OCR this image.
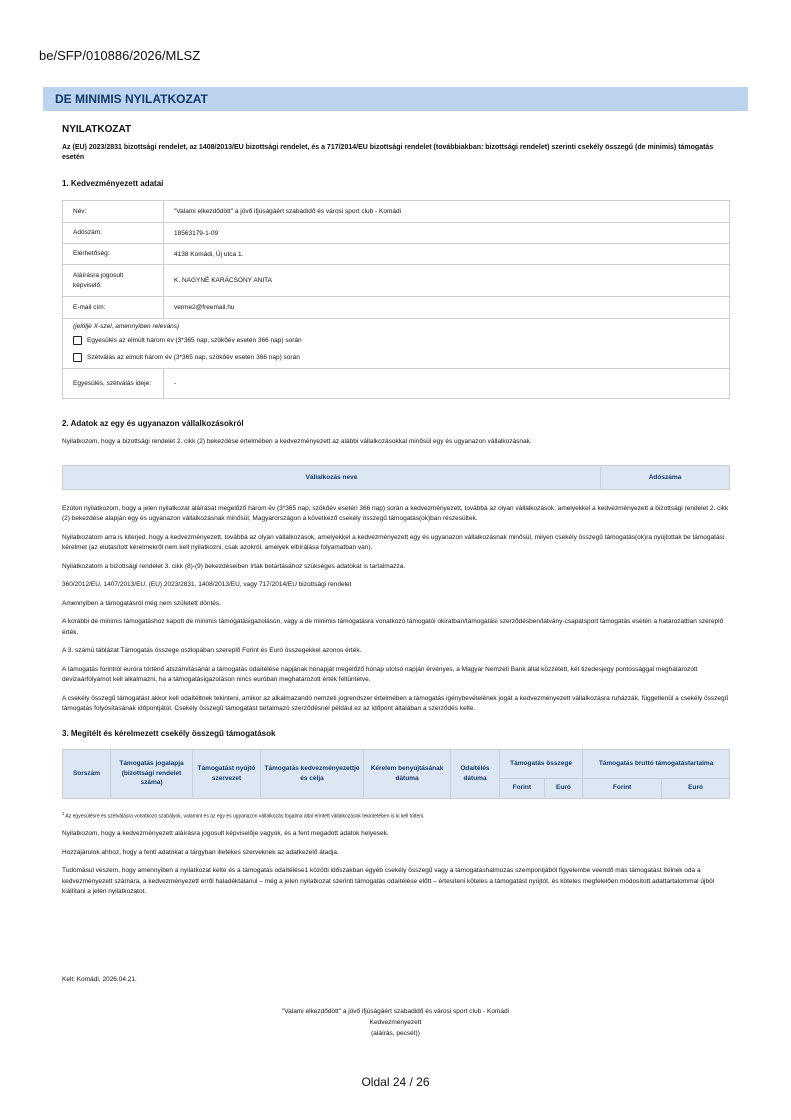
be/SFP/010886/2026/MLSZ
DE MINIMIS NYILATKOZAT
NYILATKOZAT
Az (EU) 2023/2831 bizottsági rendelet, az 1408/2013/EU bizottsági rendelet, és a 717/2014/EU bizottsági rendelet (továbbiakban: bizottsági rendelet) szerinti csekély összegű (de minimis) támogatás esetén
1. Kedvezményezett adatai
Név:	"Valami elkezdődött" a jövő ifjúságáért szabadidő és városi sport club - Komádi
Adószám:	18563179-1-09
Elérhetőség:	4138 Komádi, Új utca 1.
Aláírásra jogosult képviselő:	K. NAGYNÉ KARÁCSONY ANITA
E-mail cím:	verme2@freemail.hu

(jelölje X-szel, amennyiben releváns)
Egyesülés az elmúlt három év (3*365 nap, szökőév esetén 366 nap) során
Szétválás az elmúlt három év (3*365 nap, szökőév esetén 366 nap) során	

Egyesülés, szétválás ideje:	-
2. Adatok az egy és ugyanazon vállalkozásokról
Nyilatkozom, hogy a bizottsági rendelet 2. cikk (2) bekezdése értelmében a kedvezményezett az alábbi vállalkozásokkal minősül egy és ugyanazon vállalkozásnak.
Vállalkozás neve	Adószáma
Ezúton nyilatkozom, hogy a jelen nyilatkozat aláírását megelőző három év (3*365 nap, szökőév esetén 366 nap) során a kedvezményezett, továbbá az olyan vállalkozások, amelyekkel a kedvezményezett a bizottsági rendelet 2. cikk (2) bekezdése alapján egy és ugyanazon vállalkozásnak minősül, Magyarországon a következő csekély összegű támogatás(ok)ban részesültek.
Nyilatkozatom arra is kiterjed, hogy a kedvezményezett, továbbá az olyan vállalkozások, amelyekkel a kedvezményezett egy és ugyanazon vállalkozásnak minősül, milyen csekély összegű támogatás(ok)ra nyújtottak be támogatási kérelmet (az elutasított kérelmekről nem kell nyilatkozni, csak azokról, amelyek elbírálása folyamatban van).
Nyilatkozatom a bizottsági rendelet 3. cikk (8)-(9) bekezdéseiben írtak betartásához szükséges adatokat is tartalmazza.
360/2012/EU, 1407/2013/EU, (EU) 2023/2831, 1408/2013/EU, vagy 717/2014/EU bizottsági rendelet
Amennyiben a támogatásról még nem született döntés.
A korábbi de minimis támogatáshoz kapott de minimis támogatásigazoláson, vagy a de minimis támogatásra vonatkozó támogatói okiratban/támogatási szerződésben/látvány-csapatsport támogatás esetén a határozatban szereplő érték.
A 3. számú táblázat Támogatás összege oszlopában szereplő Forint és Euró összegekkel azonos érték.
A támogatás forintról euróra történő átszámításánál a támogatás odaítélése napjának hónapját megelőző hónap utolsó napján érvényes, a Magyar Nemzeti Bank által közzétett, két tizedesjegy pontossággal meghatározott devizaárfolyamot kell alkalmazni, ha a támogatásigazoláson nincs euróban meghatározott érték feltüntetve.
A csekély összegű támogatást akkor kell odaítéltnek tekinteni, amikor az alkalmazandó nemzeti jogrendszer értelmében a támogatás igénybevételének jogát a kedvezményezett vállalkozásra ruházzák, függetlenül a csekély összegű támogatás folyósításának időpontjától. Csekély összegű támogatást tartalmazó szerződésnél például ez az időpont általában a szerződés kelte.
3. Megítélt és kérelmezett csekély összegű támogatások
Sorszám	Támogatás jogalapja (bizottsági rendelet száma)	Támogatást nyújtó szervezet	Támogatás kedvezményezettje és célja	Kérelem benyújtásának dátuma	Odaítélés dátuma	Támogatás összege		Támogatás bruttó támogatástartalma	
						Forint	Euró	Forint	Euró
$^1$ Az egyesülésre és szétválásra vonatkozó szabályok, valamint és az egy és ugyanazon vállalkozás fogalma által érintett vállalkozások tekintetében is ki kell tölteni.
Nyilatkozom, hogy a kedvezményezett aláírásra jogosult képviselője vagyok, és a fent megadott adatok helyesek.
Hozzájárulok ahhoz, hogy a fenti adatokat a tárgyban illetékes szerveknek az adatkezelő átadja.
Tudomásul veszem, hogy amennyiben a nyilatkozat kelte és a támogatás odaítélése1 közötti időszakban egyéb csekély összegű vagy a támogatáshalmozás szempontjából figyelembe veendő más támogatást ítélnek oda a kedvezményezett számára, a kedvezményezett erről haladéktalanul – még a jelen nyilatkozat szerinti támogatás odaítélése előtt – értesíteni köteles a támogatást nyújtót, és köteles megfelelően módosított adattartalommal újból kiállítani a jelen nyilatkozatot.
Kelt: Komádi, 2026.04.21.
"Valami elkezdődött" a jövő ifjúságáért szabadidő és városi sport club - Komádi
Kedvezményezett
(aláírás, pecsét))
Oldal 24 / 26
